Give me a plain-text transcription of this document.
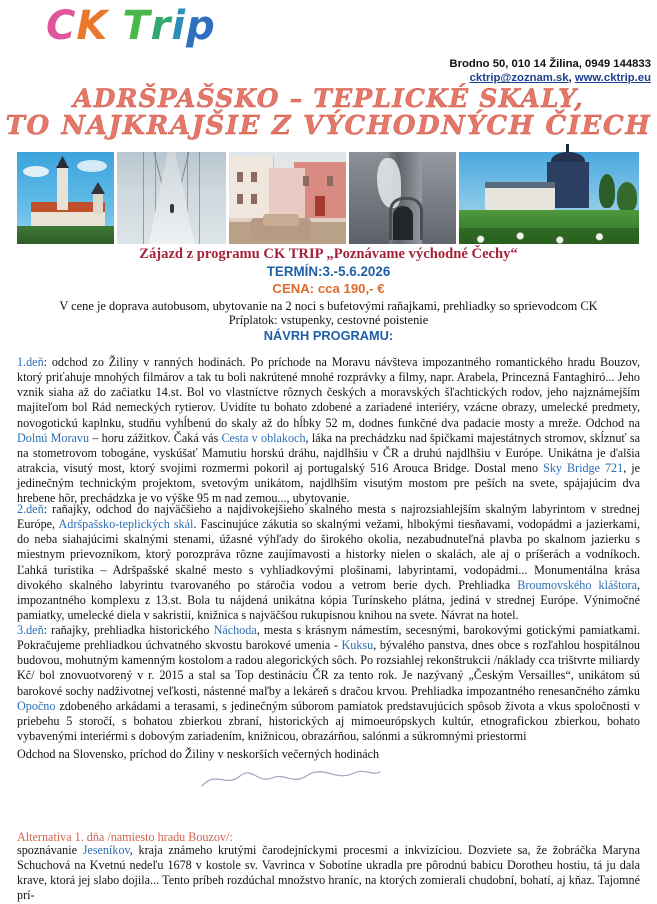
CK Trip
Brodno 50, 010 14 Žilina, 0949 144833
cktrip@zoznam.sk, www.cktrip.eu
ADRŠPAŠSKO – TEPLICKÉ SKALY,
TO NAJKRAJŠIE Z VÝCHODNÝCH ČIECH
Zájazd z programu CK TRIP „Poznávame východné Čechy“
TERMÍN:3.-5.6.2026
CENA: cca 190,- €
V cene je doprava autobusom, ubytovanie na 2 noci s bufetovými raňajkami, prehliadky so sprievodcom CK
Príplatok: vstupenky, cestovné poistenie
NÁVRH PROGRAMU:

1.deň: odchod zo Žiliny v ranných hodinách. Po príchode na Moravu návšteva impozantného romantického hradu Bouzov, ktorý priťahuje mnohých filmárov a tak tu boli nakrútené mnohé rozprávky a filmy, napr. Arabela, Princezná Fantaghiró... Jeho vznik siaha až do začiatku 14.st. Bol vo vlastníctve rôznych českých a moravských šľachtických rodov, jeho najznámejším majiteľom bol Rád nemeckých rytierov. Uvidíte tu bohato zdobené a zariadené interiéry, vzácne obrazy, umelecké predmety, novogotickú kaplnku, studňu vyhĺbenú do skaly až do hĺbky 52 m, dodnes funkčné dva padacie mosty a mreže. Odchod na Dolnú Moravu – horu zážitkov. Čaká vás Cesta v oblakoch, láka na prechádzku nad špičkami majestátnych stromov, skĺznuť sa na stometrovom tobogáne, vyskúšať Mamutiu horskú dráhu, najdlhšiu v ČR a druhú najdlhšiu v Európe. Unikátna je ďalšia atrakcia, visutý most, ktorý svojimi rozmermi pokoril aj portugalský 516 Arouca Bridge. Dostal meno Sky Bridge 721, je jedinečným technickým projektom, svetovým unikátom, najdlhším visutým mostom pre peších na svete, spájajúcim dva hrebene hôr, prechádzka je vo výške 95 m nad zemou..., ubytovanie.

2.deň: raňajky, odchod do najväčšieho a najdivokejšieho skalného mesta s najrozsiahlejším skalným labyrintom v strednej Európe, Adršpašsko-teplických skál. Fascinujúce zákutia so skalnými vežami, hlbokými tiesňavami, vodopádmi a jazierkami, do neba siahajúcimi skalnými stenami, úžasné výhľady do širokého okolia, nezabudnuteľná plavba po skalnom jazierku s miestnym prievozníkom, ktorý porozpráva rôzne zaujímavosti a historky nielen o skalách, ale aj o príšerách a vodníkoch. Ľahká turistika – Adršpašské skalné mesto s vyhliadkovými plošinami, labyrintami, vodopádmi... Monumentálna krása divokého skalného labyrintu tvarovaného po stáročia vodou a vetrom berie dych. Prehliadka Broumovského kláštora, impozantného komplexu z 13.st. Bola tu nájdená unikátna kópia Turínskeho plátna, jediná v strednej Európe. Výnimočné pamiatky, umelecké diela v sakristii, knižnica s najväčšou rukupisnou knihou na svete. Návrat na hotel.

3.deň: raňajky, prehliadka historického Náchoda, mesta s krásnym námestím, secesnými, barokovými gotickými pamiatkami. Pokračujeme prehliadkou úchvatného skvostu barokové umenia - Kuksu, bývalého panstva, dnes obce s rozľahlou hospitálnou budovou, mohutným kamenným kostolom a radou alegorických sôch. Po rozsiahlej rekonštrukcii /náklady cca trištvrte miliardy Kč/ bol znovuotvorený v r. 2015 a stal sa Top destináciu ČR za tento rok. Je nazývaný „Českým Versailles“, unikátom sú barokové sochy nadživotnej veľkosti, nástenné maľby a lekáreň s dračou krvou. Prehliadka impozantného renesančného zámku Opočno zdobeného arkádami a terasami, s jedinečným súborom pamiatok predstavujúcich spôsob života a vkus spoločnosti v priebehu 5 storočí, s bohatou zbierkou zbraní, historických aj mimoeurópskych kultúr, etnografickou zbierkou, bohato vybavenými interiérmi s dobovým zariadením, knižnicou, obrazárňou, salónmi a súkromnými priestormi

Odchod na Slovensko, príchod do Žiliny v neskorších večerných hodinách

Alternativa 1. dňa /namiesto hradu Bouzov/:

spoznávanie Jeseníkov, kraja známeho krutými čarodejníckymi procesmi a inkvizíciou. Dozviete sa, že žobráčka Maryna Schuchová na Kvetnú nedeľu 1678 v kostole sv. Vavrinca v Sobotíne ukradla pre pôrodnú babicu Dorotheu hostiu, tá ju dala krave, ktorá jej slabo dojila... Tento príbeh rozdúchal množstvo hraníc, na ktorých zomierali chudobní, bohatí, aj kňaz. Tajomné prí-
